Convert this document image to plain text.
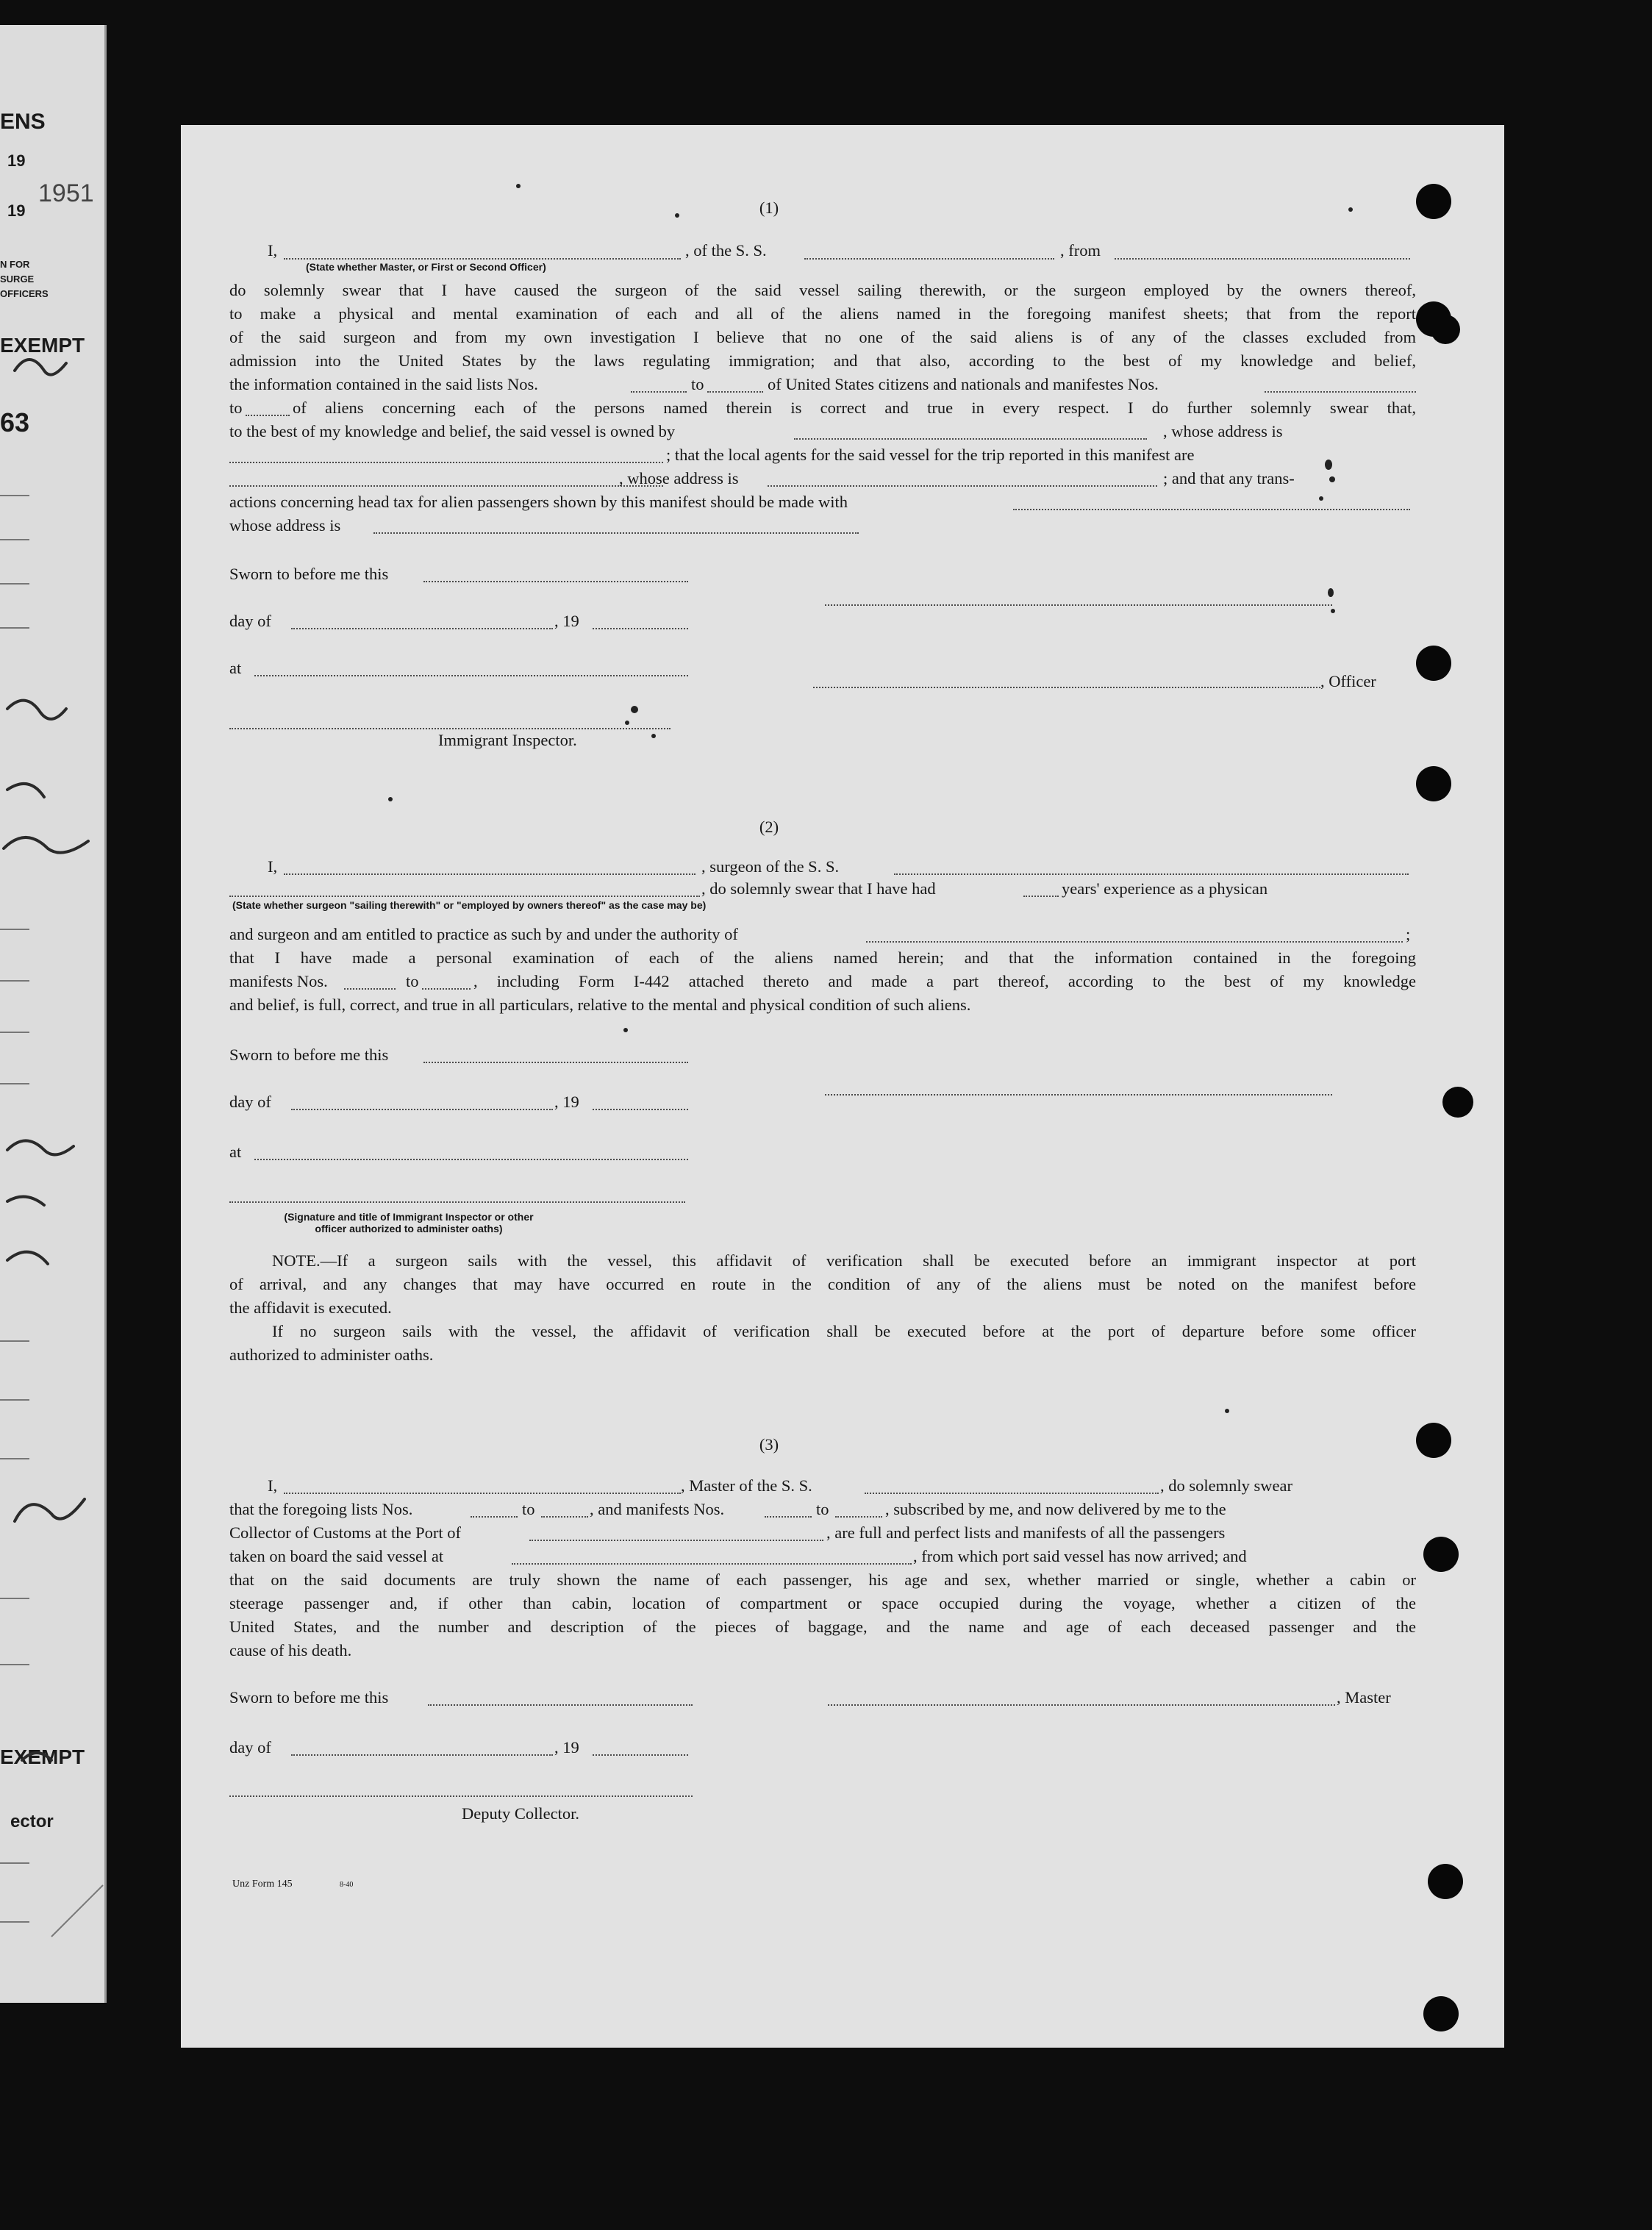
ENS
19
1951
19
N FOR
SURGE
OFFICERS
EXEMPT
63
EXEMPT
ector
(1)
I,	, of the S. S.	, from
(State whether Master, or First or Second Officer)
do solemnly swear that I have caused the surgeon of the said vessel sailing therewith, or the surgeon employed by the owners thereof,
to make a physical and mental examination of each and all of the aliens named in the foregoing manifest sheets; that from the report
of the said surgeon and from my own investigation I believe that no one of the said aliens is of any of the classes excluded from
admission into the United States by the laws regulating immigration; and that also, according to the best of my knowledge and belief,
the information contained in the said lists Nos.	to	of United States citizens and nationals and manifestes Nos.
to	of aliens concerning each of the persons named therein is correct and true in every respect. I do further solemnly swear that,
to the best of my knowledge and belief, the said vessel is owned by	, whose address is
; that the local agents for the said vessel for the trip reported in this manifest are
, whose address is	; and that any trans-
actions concerning head tax for alien passengers shown by this manifest should be made with
whose address is
Sworn to before me this
day of	, 19
at
, Officer
Immigrant Inspector.
(2)
I,	, surgeon of the S. S.
, do solemnly swear that I have had	years' experience as a physican
(State whether surgeon "sailing therewith" or "employed by owners thereof" as the case may be)
and surgeon and am entitled to practice as such by and under the authority of	;
that I have made a personal examination of each of the aliens named herein; and that the information contained in the foregoing
manifests Nos.	to	, including Form I-442 attached thereto and made a part thereof, according to the best of my knowledge
and belief, is full, correct, and true in all particulars, relative to the mental and physical condition of such aliens.
Sworn to before me this
day of	, 19
at
(Signature and title of Immigrant Inspector or other
officer authorized to administer oaths)
NOTE.—If a surgeon sails with the vessel, this affidavit of verification shall be executed before an immigrant inspector at port
of arrival, and any changes that may have occurred en route in the condition of any of the aliens must be noted on the manifest before
the affidavit is executed.
If no surgeon sails with the vessel, the affidavit of verification shall be executed before at the port of departure before some officer
authorized to administer oaths.
(3)
I,	, Master of the S. S.	, do solemnly swear
that the foregoing lists Nos.	to	, and manifests Nos.	to	, subscribed by me, and now delivered by me to the
Collector of Customs at the Port of	, are full and perfect lists and manifests of all the passengers
taken on board the said vessel at	, from which port said vessel has now arrived; and
that on the said documents are truly shown the name of each passenger, his age and sex, whether married or single, whether a cabin or
steerage passenger and, if other than cabin, location of compartment or space occupied during the voyage, whether a citizen of the
United States, and the number and description of the pieces of baggage, and the name and age of each deceased passenger and the
cause of his death.
Sworn to before me this	, Master
day of	, 19
Deputy Collector.
Unz Form 145	8-40
